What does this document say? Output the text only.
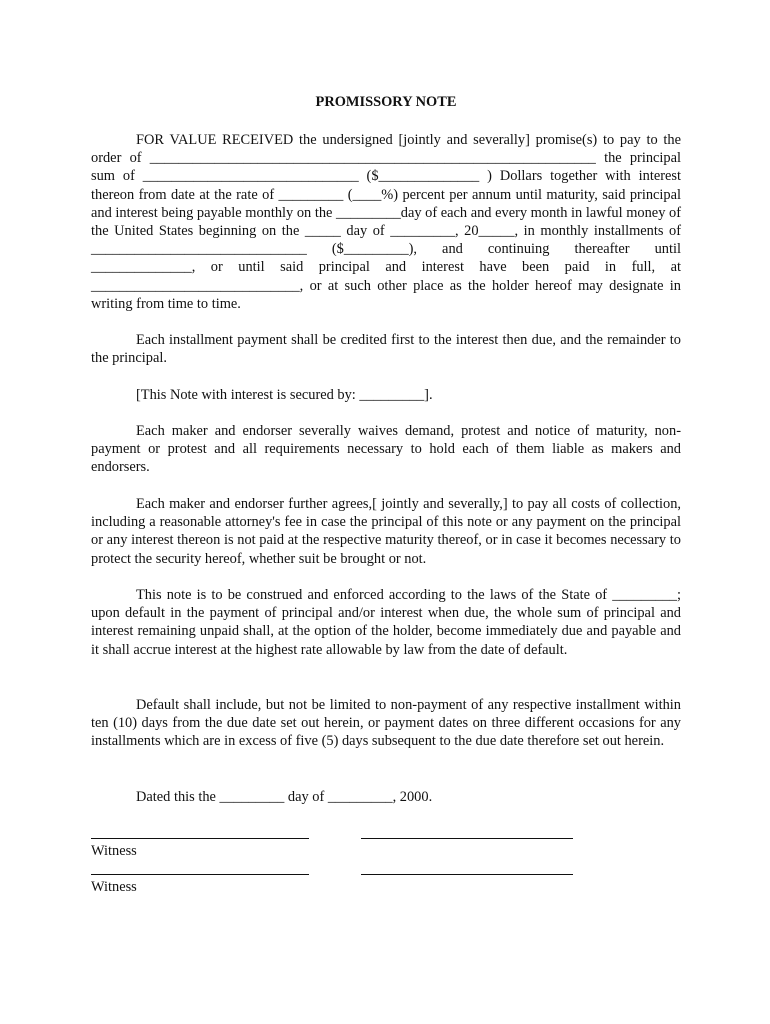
PROMISSORY NOTE

FOR VALUE RECEIVED the undersigned [jointly and severally] promise(s) to pay to the order of ______________________________________________________________ the principal sum of ______________________________ ($______________ ) Dollars together with interest thereon from date at the rate of _________ (____%) percent per annum until maturity, said principal and interest being payable monthly on the _________day of each and every month in lawful money of the United States beginning on the _____ day of _________, 20_____, in monthly installments of ______________________________ ($_________), and continuing thereafter until ______________, or until said principal and interest have been paid in full, at _____________________________, or at such other place as the holder hereof may designate in writing from time to time.

Each installment payment shall be credited first to the interest then due, and the remainder to the principal.

[This Note with interest is secured by: _________].

Each maker and endorser severally waives demand, protest and notice of maturity, non-payment or protest and all requirements necessary to hold each of them liable as makers and endorsers.

Each maker and endorser further agrees,[ jointly and severally,] to pay all costs of collection, including a reasonable attorney's fee in case the principal of this note or any payment on the principal or any interest thereon is not paid at the respective maturity thereof, or in case it becomes necessary to protect the security hereof, whether suit be brought or not.

This note is to be construed and enforced according to the laws of the State of _________; upon default in the payment of principal and/or interest when due, the whole sum of principal and interest remaining unpaid shall, at the option of the holder, become immediately due and payable and it shall accrue interest at the highest rate allowable by law from the date of default.

Default shall include, but not be limited to non-payment of any respective installment within ten (10) days from the due date set out herein, or payment dates on three different occasions for any installments which are in excess of five (5) days subsequent to the due date therefore set out herein.

Dated this the _________ day of _________, 2000.

Witness
Witness
